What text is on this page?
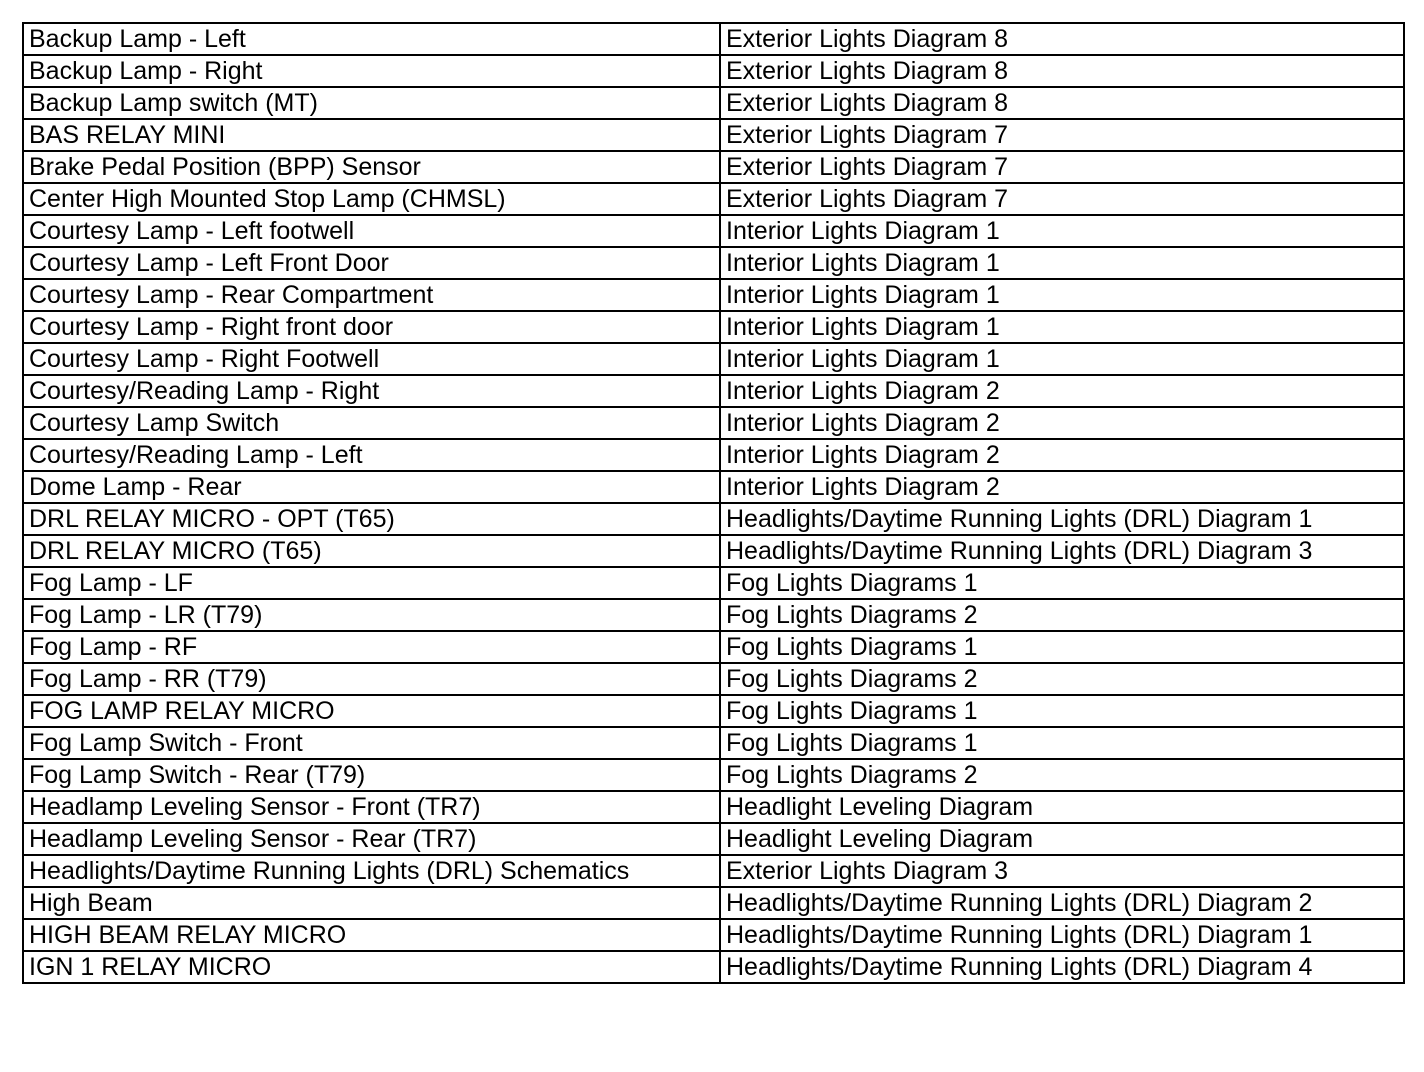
Backup Lamp - Left	Exterior Lights Diagram 8
Backup Lamp - Right	Exterior Lights Diagram 8
Backup Lamp switch (MT)	Exterior Lights Diagram 8
BAS RELAY MINI	Exterior Lights Diagram 7
Brake Pedal Position (BPP) Sensor	Exterior Lights Diagram 7
Center High Mounted Stop Lamp (CHMSL)	Exterior Lights Diagram 7
Courtesy Lamp - Left footwell	Interior Lights Diagram 1
Courtesy Lamp - Left Front Door	Interior Lights Diagram 1
Courtesy Lamp - Rear Compartment	Interior Lights Diagram 1
Courtesy Lamp - Right front door	Interior Lights Diagram 1
Courtesy Lamp - Right Footwell	Interior Lights Diagram 1
Courtesy/Reading Lamp - Right	Interior Lights Diagram 2
Courtesy Lamp Switch	Interior Lights Diagram 2
Courtesy/Reading Lamp - Left	Interior Lights Diagram 2
Dome Lamp - Rear	Interior Lights Diagram 2
DRL RELAY MICRO - OPT (T65)	Headlights/Daytime Running Lights (DRL) Diagram 1
DRL RELAY MICRO (T65)	Headlights/Daytime Running Lights (DRL) Diagram 3
Fog Lamp - LF	Fog Lights Diagrams 1
Fog Lamp - LR (T79)	Fog Lights Diagrams 2
Fog Lamp - RF	Fog Lights Diagrams 1
Fog Lamp - RR (T79)	Fog Lights Diagrams 2
FOG LAMP RELAY MICRO	Fog Lights Diagrams 1
Fog Lamp Switch - Front	Fog Lights Diagrams 1
Fog Lamp Switch - Rear (T79)	Fog Lights Diagrams 2
Headlamp Leveling Sensor - Front (TR7)	Headlight Leveling Diagram
Headlamp Leveling Sensor - Rear (TR7)	Headlight Leveling Diagram
Headlights/Daytime Running Lights (DRL) Schematics	Exterior Lights Diagram 3
High Beam	Headlights/Daytime Running Lights (DRL) Diagram 2
HIGH BEAM RELAY MICRO	Headlights/Daytime Running Lights (DRL) Diagram 1
IGN 1 RELAY MICRO	Headlights/Daytime Running Lights (DRL) Diagram 4
